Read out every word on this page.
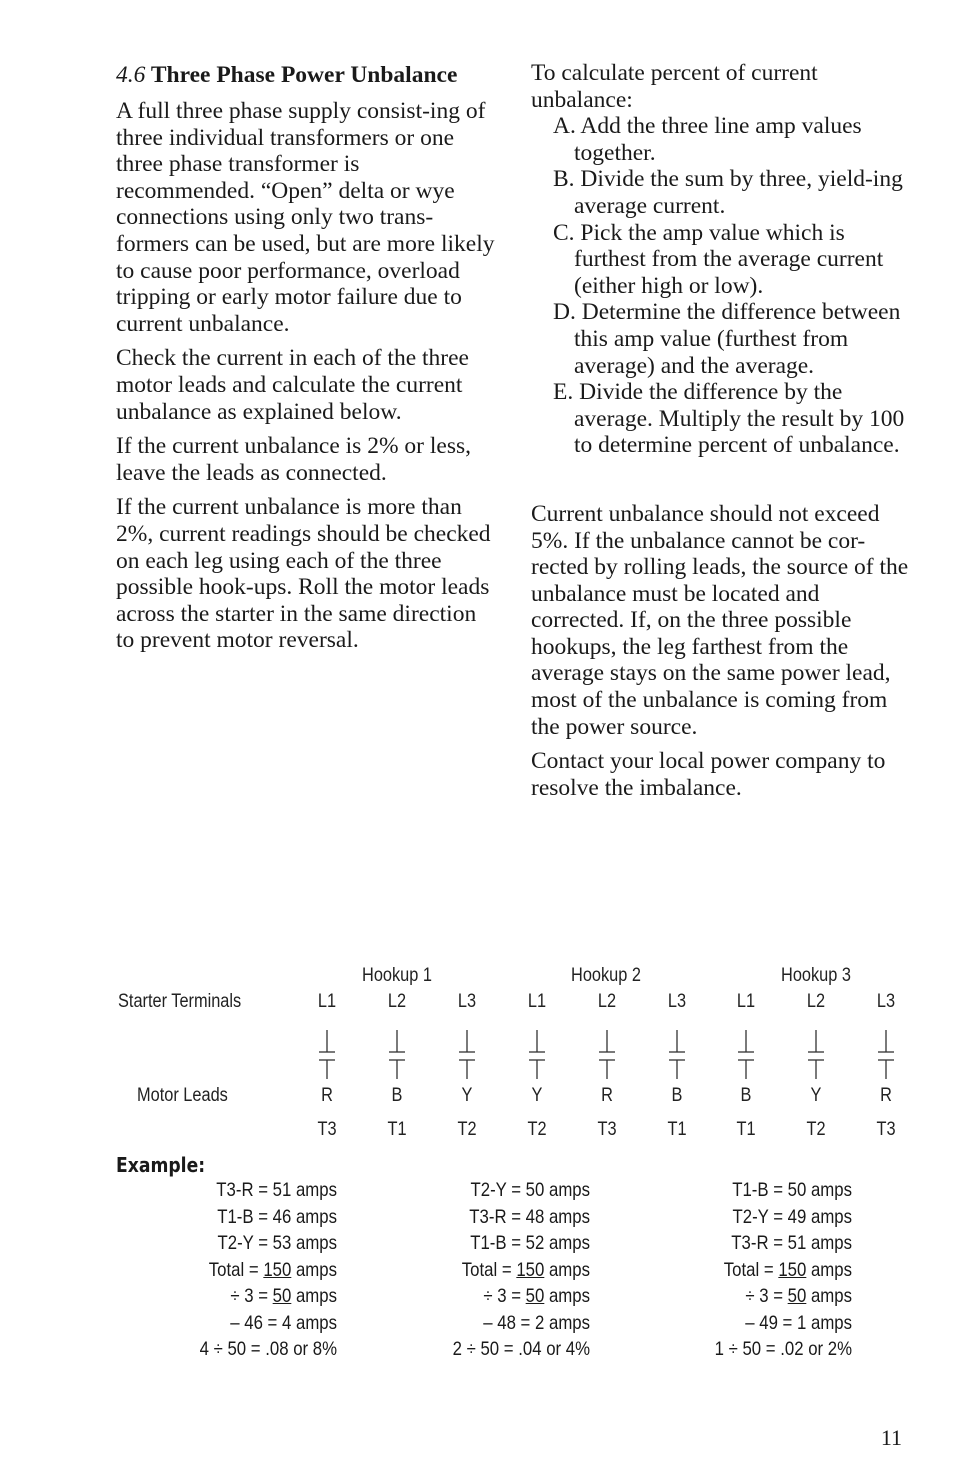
4.6 Three Phase Power Unbalance

A full three phase supply consist-ing of three individual transformers or one three phase transformer is recommended. “Open” delta or wye connections using only two trans-formers can be used, but are more likely to cause poor performance, overload tripping or early motor failure due to current unbalance.

Check the current in each of the three motor leads and calculate the current unbalance as explained below.

If the current unbalance is 2% or less, leave the leads as connected.

If the current unbalance is more than 2%, current readings should be checked on each leg using each of the three possible hook-ups. Roll the motor leads across the starter in the same direction to prevent motor reversal.

To calculate percent of current unbalance:

A. Add the three line amp values together.
B. Divide the sum by three, yield-ing average current.
C. Pick the amp value which is furthest from the average current (either high or low).
D. Determine the difference between this amp value (furthest from average) and the average.
E. Divide the difference by the average. Multiply the result by 100 to determine percent of unbalance.

Current unbalance should not exceed 5%. If the unbalance cannot be cor-rected by rolling leads, the source of the unbalance must be located and corrected. If, on the three possible hookups, the leg farthest from the average stays on the same power lead, most of the unbalance is coming from the power source.

Contact your local power company to resolve the imbalance.

Starter Terminals
Motor Leads
Hookup 1
L1
R
T3
L2
B
T1
L3
Y
T2
Hookup 2
L1
Y
T2
L2
R
T3
L3
B
T1
Hookup 3
L1
B
T1
L2
Y
T2
L3
R
T3
Example:
T3-R = 51 amps
T1-B = 46 amps
T2-Y = 53 amps
Total = 150 amps
÷ 3 = 50 amps
– 46 = 4 amps
4 ÷ 50 = .08 or 8%
T2-Y = 50 amps
T3-R = 48 amps
T1-B = 52 amps
Total = 150 amps
÷ 3 = 50 amps
– 48 = 2 amps
2 ÷ 50 = .04 or 4%
T1-B = 50 amps
T2-Y = 49 amps
T3-R = 51 amps
Total = 150 amps
÷ 3 = 50 amps
– 49 = 1 amps
1 ÷ 50 = .02 or 2%
11
